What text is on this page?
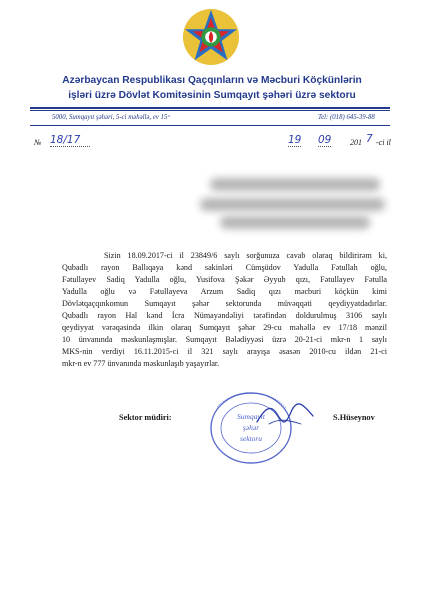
Azərbaycan Respublikası Qaçqınların və Məcburi Köçkünlərin
işləri üzrə Dövlət Komitəsinin Sumqayıt şəhəri üzrə sektoru
5000, Sumqayıt şəhəri, 5-ci məhəllə, ev 15ᵃ	Tel: (018) 645-39-88
№ 18/17	19 09 201 7 -ci il
Sizin 18.09.2017-ci il 23849/6 saylı sorğunuza cavab olaraq bildirirəm ki,
Qubadlı rayon Ballıqaya kənd sakinləri Cümşüdov Yadulla Fətullah oğlu,
Fətullayev Sadiq Yadulla oğlu, Yusifova Şəkər Əyyub qızı, Fətullayev Fətulla
Yadulla oğlu və Fətullayeva Arzum Sadiq qızı məcburi köçkün kimi
Dövlətqaçqınkomun Sumqayıt şəhər sektorunda müvəqqəti qeydiyyatdadırlar.
Qubadlı rayon Hal kənd İcra Nümayəndəliyi tərəfindən doldurulmuş 3106 saylı
qeydiyyat vərəqəsində ilkin olaraq Sumqayıt şəhər 29-cu məhəllə ev 17/18 mənzil
10 ünvanında məskunlaşmışlar. Sumqayıt Bələdiyyəsi üzrə 20-21-ci mkr-n 1 saylı
MKS-nin verdiyi 16.11.2015-ci il 321 saylı arayışa əsasən 2010-cu ildən 21-ci
mkr-n ev 777 ünvanında məskunlaşıb yaşayırlar.
Sektor müdiri:	Sumqayıt
şəhər
sektoru
S.Hüseynov
